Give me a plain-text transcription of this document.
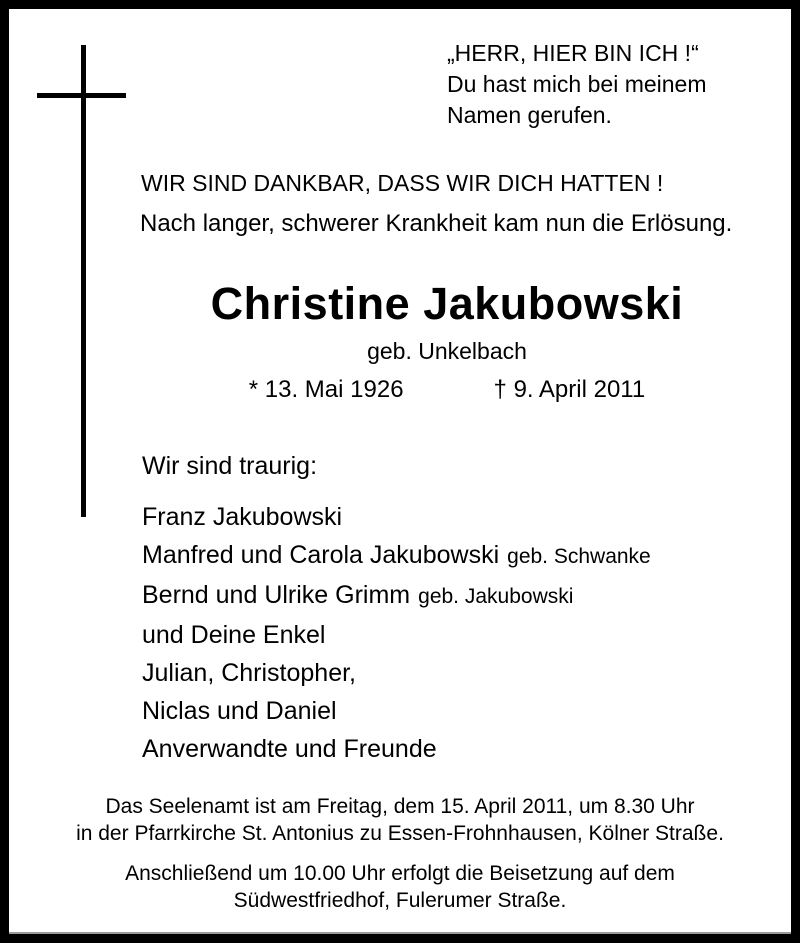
„HERR, HIER BIN ICH !“
Du hast mich bei meinem
Namen gerufen.
WIR SIND DANKBAR, DASS WIR DICH HATTEN !
Nach langer, schwerer Krankheit kam nun die Erlösung.
Christine Jakubowski
geb. Unkelbach
* 13. Mai 1926	† 9. April 2011
Wir sind traurig:
Franz Jakubowski
Manfred und Carola Jakubowski geb. Schwanke
Bernd und Ulrike Grimm geb. Jakubowski
und Deine Enkel
Julian, Christopher,
Niclas und Daniel
Anverwandte und Freunde
Das Seelenamt ist am Freitag, dem 15. April 2011, um 8.30 Uhr
in der Pfarrkirche St. Antonius zu Essen-Frohnhausen, Kölner Straße.
Anschließend um 10.00 Uhr erfolgt die Beisetzung auf dem
Südwestfriedhof, Fulerumer Straße.
